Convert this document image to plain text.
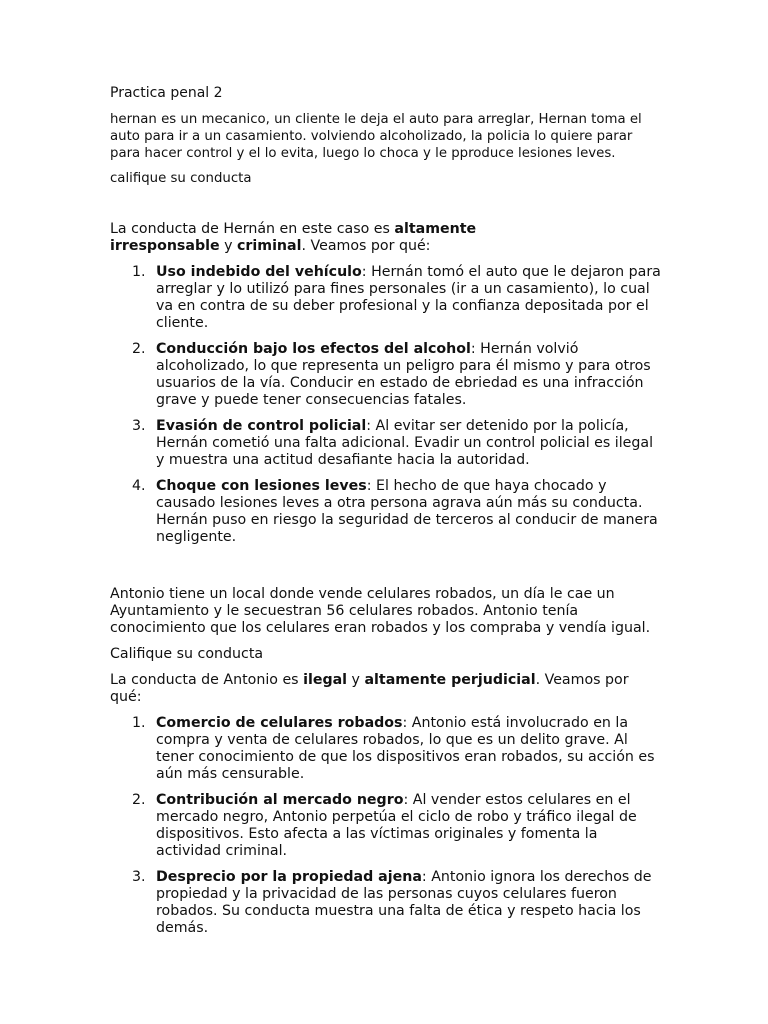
Practica penal 2

hernan es un mecanico, un cliente le deja el auto para arreglar, Hernan toma el auto para ir a un casamiento. volviendo alcoholizado, la policia lo quiere parar para hacer control y el lo evita, luego lo choca y le pproduce lesiones leves.

califique su conducta

La conducta de Hernán en este caso es altamente
irresponsable y criminal. Veamos por qué:

1. Uso indebido del vehículo: Hernán tomó el auto que le dejaron para arreglar y lo utilizó para fines personales (ir a un casamiento), lo cual va en contra de su deber profesional y la confianza depositada por el cliente.
2. Conducción bajo los efectos del alcohol: Hernán volvió alcoholizado, lo que representa un peligro para él mismo y para otros usuarios de la vía. Conducir en estado de ebriedad es una infracción grave y puede tener consecuencias fatales.
3. Evasión de control policial: Al evitar ser detenido por la policía, Hernán cometió una falta adicional. Evadir un control policial es ilegal y muestra una actitud desafiante hacia la autoridad.
4. Choque con lesiones leves: El hecho de que haya chocado y causado lesiones leves a otra persona agrava aún más su conducta. Hernán puso en riesgo la seguridad de terceros al conducir de manera negligente.

Antonio tiene un local donde vende celulares robados, un día le cae un Ayuntamiento y le secuestran 56 celulares robados. Antonio tenía conocimiento que los celulares eran robados y los compraba y vendía igual.

Califique su conducta

La conducta de Antonio es ilegal y altamente perjudicial. Veamos por qué:

1. Comercio de celulares robados: Antonio está involucrado en la compra y venta de celulares robados, lo que es un delito grave. Al tener conocimiento de que los dispositivos eran robados, su acción es aún más censurable.
2. Contribución al mercado negro: Al vender estos celulares en el mercado negro, Antonio perpetúa el ciclo de robo y tráfico ilegal de dispositivos. Esto afecta a las víctimas originales y fomenta la actividad criminal.
3. Desprecio por la propiedad ajena: Antonio ignora los derechos de propiedad y la privacidad de las personas cuyos celulares fueron robados. Su conducta muestra una falta de ética y respeto hacia los demás.
